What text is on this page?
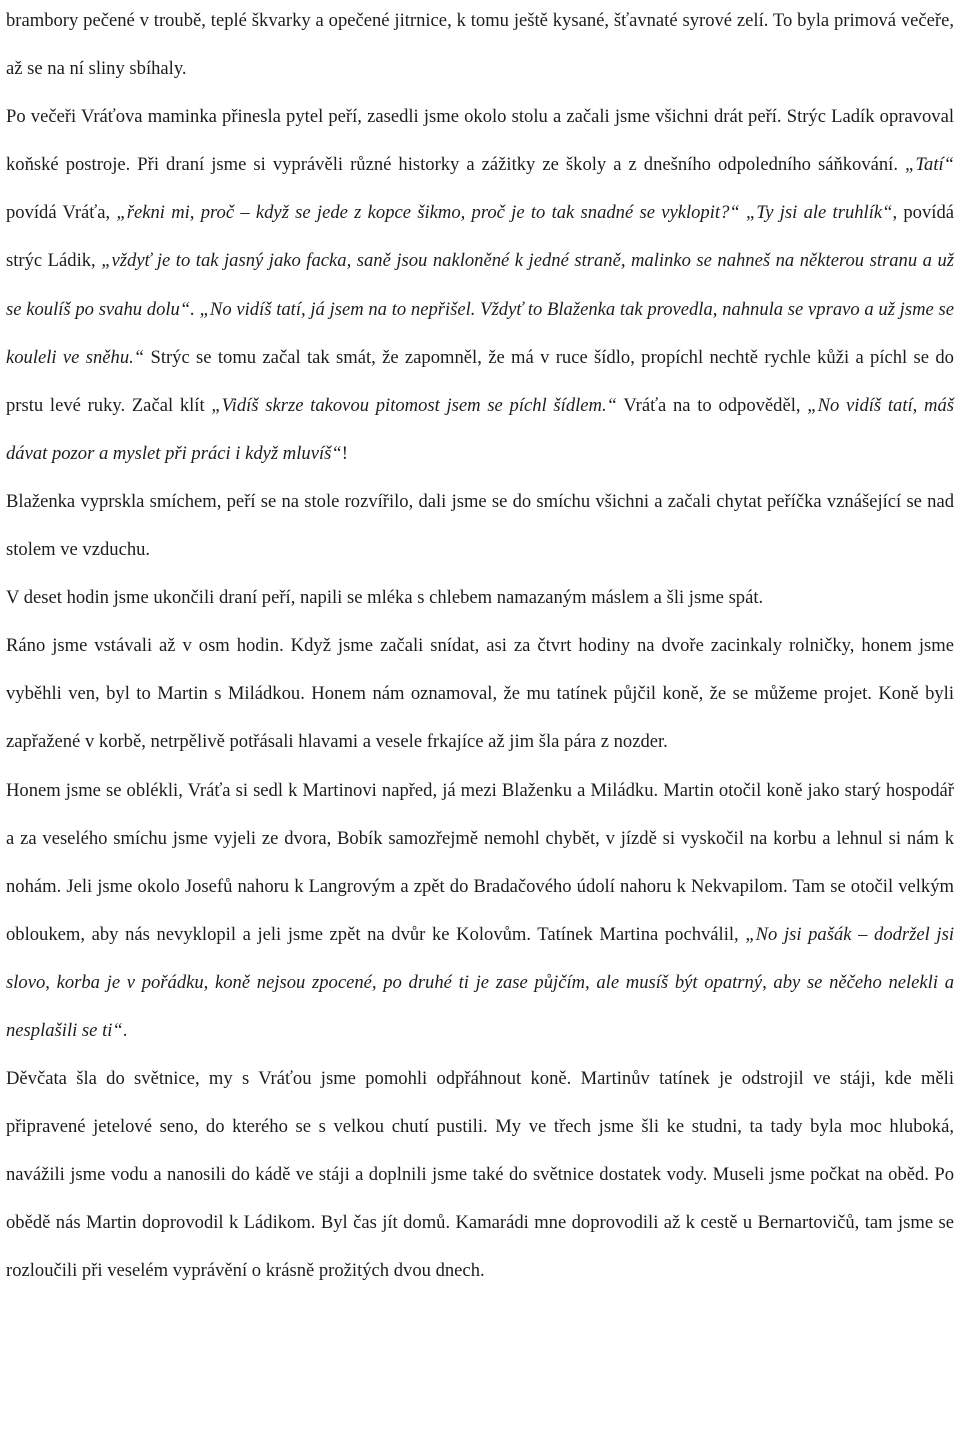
brambory pečené v troubě, teplé škvarky a opečené jitrnice, k tomu ještě kysané, šťavnaté syrové zelí. To byla primová večeře, až se na ní sliny sbíhaly.

Po večeři Vráťova maminka přinesla pytel peří, zasedli jsme okolo stolu a začali jsme všichni drát peří. Strýc Ladík opravoval koňské postroje. Při draní jsme si vyprávěli různé historky a zážitky ze školy a z dnešního odpoledního sáňkování. „Tatí“ povídá Vráťa, „řekni mi, proč – když se jede z kopce šikmo, proč je to tak snadné se vyklopit?“ „Ty jsi ale truhlík“, povídá strýc Ládik, „vždyť je to tak jasný jako facka, saně jsou nakloněné k jedné straně, malinko se nahneš na některou stranu a už se koulíš po svahu dolu“. „No vidíš tatí, já jsem na to nepřišel. Vždyť to Blaženka tak provedla, nahnula se vpravo a už jsme se kouleli ve sněhu.“ Strýc se tomu začal tak smát, že zapomněl, že má v ruce šídlo, propíchl nechtě rychle kůži a píchl se do prstu levé ruky. Začal klít „Vidíš skrze takovou pitomost jsem se píchl šídlem.“ Vráťa na to odpověděl, „No vidíš tatí, máš dávat pozor a myslet při práci i když mluvíš“!

Blaženka vyprskla smíchem, peří se na stole rozvířilo, dali jsme se do smíchu všichni a začali chytat peříčka vznášející se nad stolem ve vzduchu.

V deset hodin jsme ukončili draní peří, napili se mléka s chlebem namazaným máslem a šli jsme spát.

Ráno jsme vstávali až v osm hodin. Když jsme začali snídat, asi za čtvrt hodiny na dvoře zacinkaly rolničky, honem jsme vyběhli ven, byl to Martin s Miládkou. Honem nám oznamoval, že mu tatínek půjčil koně, že se můžeme projet. Koně byli zapřažené v korbě, netrpělivě potřásali hlavami a vesele frkajíce až jim šla pára z nozder.

Honem jsme se oblékli, Vráťa si sedl k Martinovi napřed, já mezi Blaženku a Miládku. Martin otočil koně jako starý hospodář a za veselého smíchu jsme vyjeli ze dvora, Bobík samozřejmě nemohl chybět, v jízdě si vyskočil na korbu a lehnul si nám k nohám. Jeli jsme okolo Josefů nahoru k Langrovým a zpět do Bradačového údolí nahoru k Nekvapilom. Tam se otočil velkým obloukem, aby nás nevyklopil a jeli jsme zpět na dvůr ke Kolovům. Tatínek Martina pochválil, „No jsi pašák – dodržel jsi slovo, korba je v pořádku, koně nejsou zpocené, po druhé ti je zase půjčím, ale musíš být opatrný, aby se něčeho nelekli a nesplašili se ti“.

Děvčata šla do světnice, my s Vráťou jsme pomohli odpřáhnout koně. Martinův tatínek je odstrojil ve stáji, kde měli připravené jetelové seno, do kterého se s velkou chutí pustili. My ve třech jsme šli ke studni, ta tady byla moc hluboká, navážili jsme vodu a nanosili do kádě ve stáji a doplnili jsme také do světnice dostatek vody. Museli jsme počkat na oběd. Po obědě nás Martin doprovodil k Ládikom. Byl čas jít domů. Kamarádi mne doprovodili až k cestě u Bernartovičů, tam jsme se rozloučili při veselém vyprávění o krásně prožitých dvou dnech.
